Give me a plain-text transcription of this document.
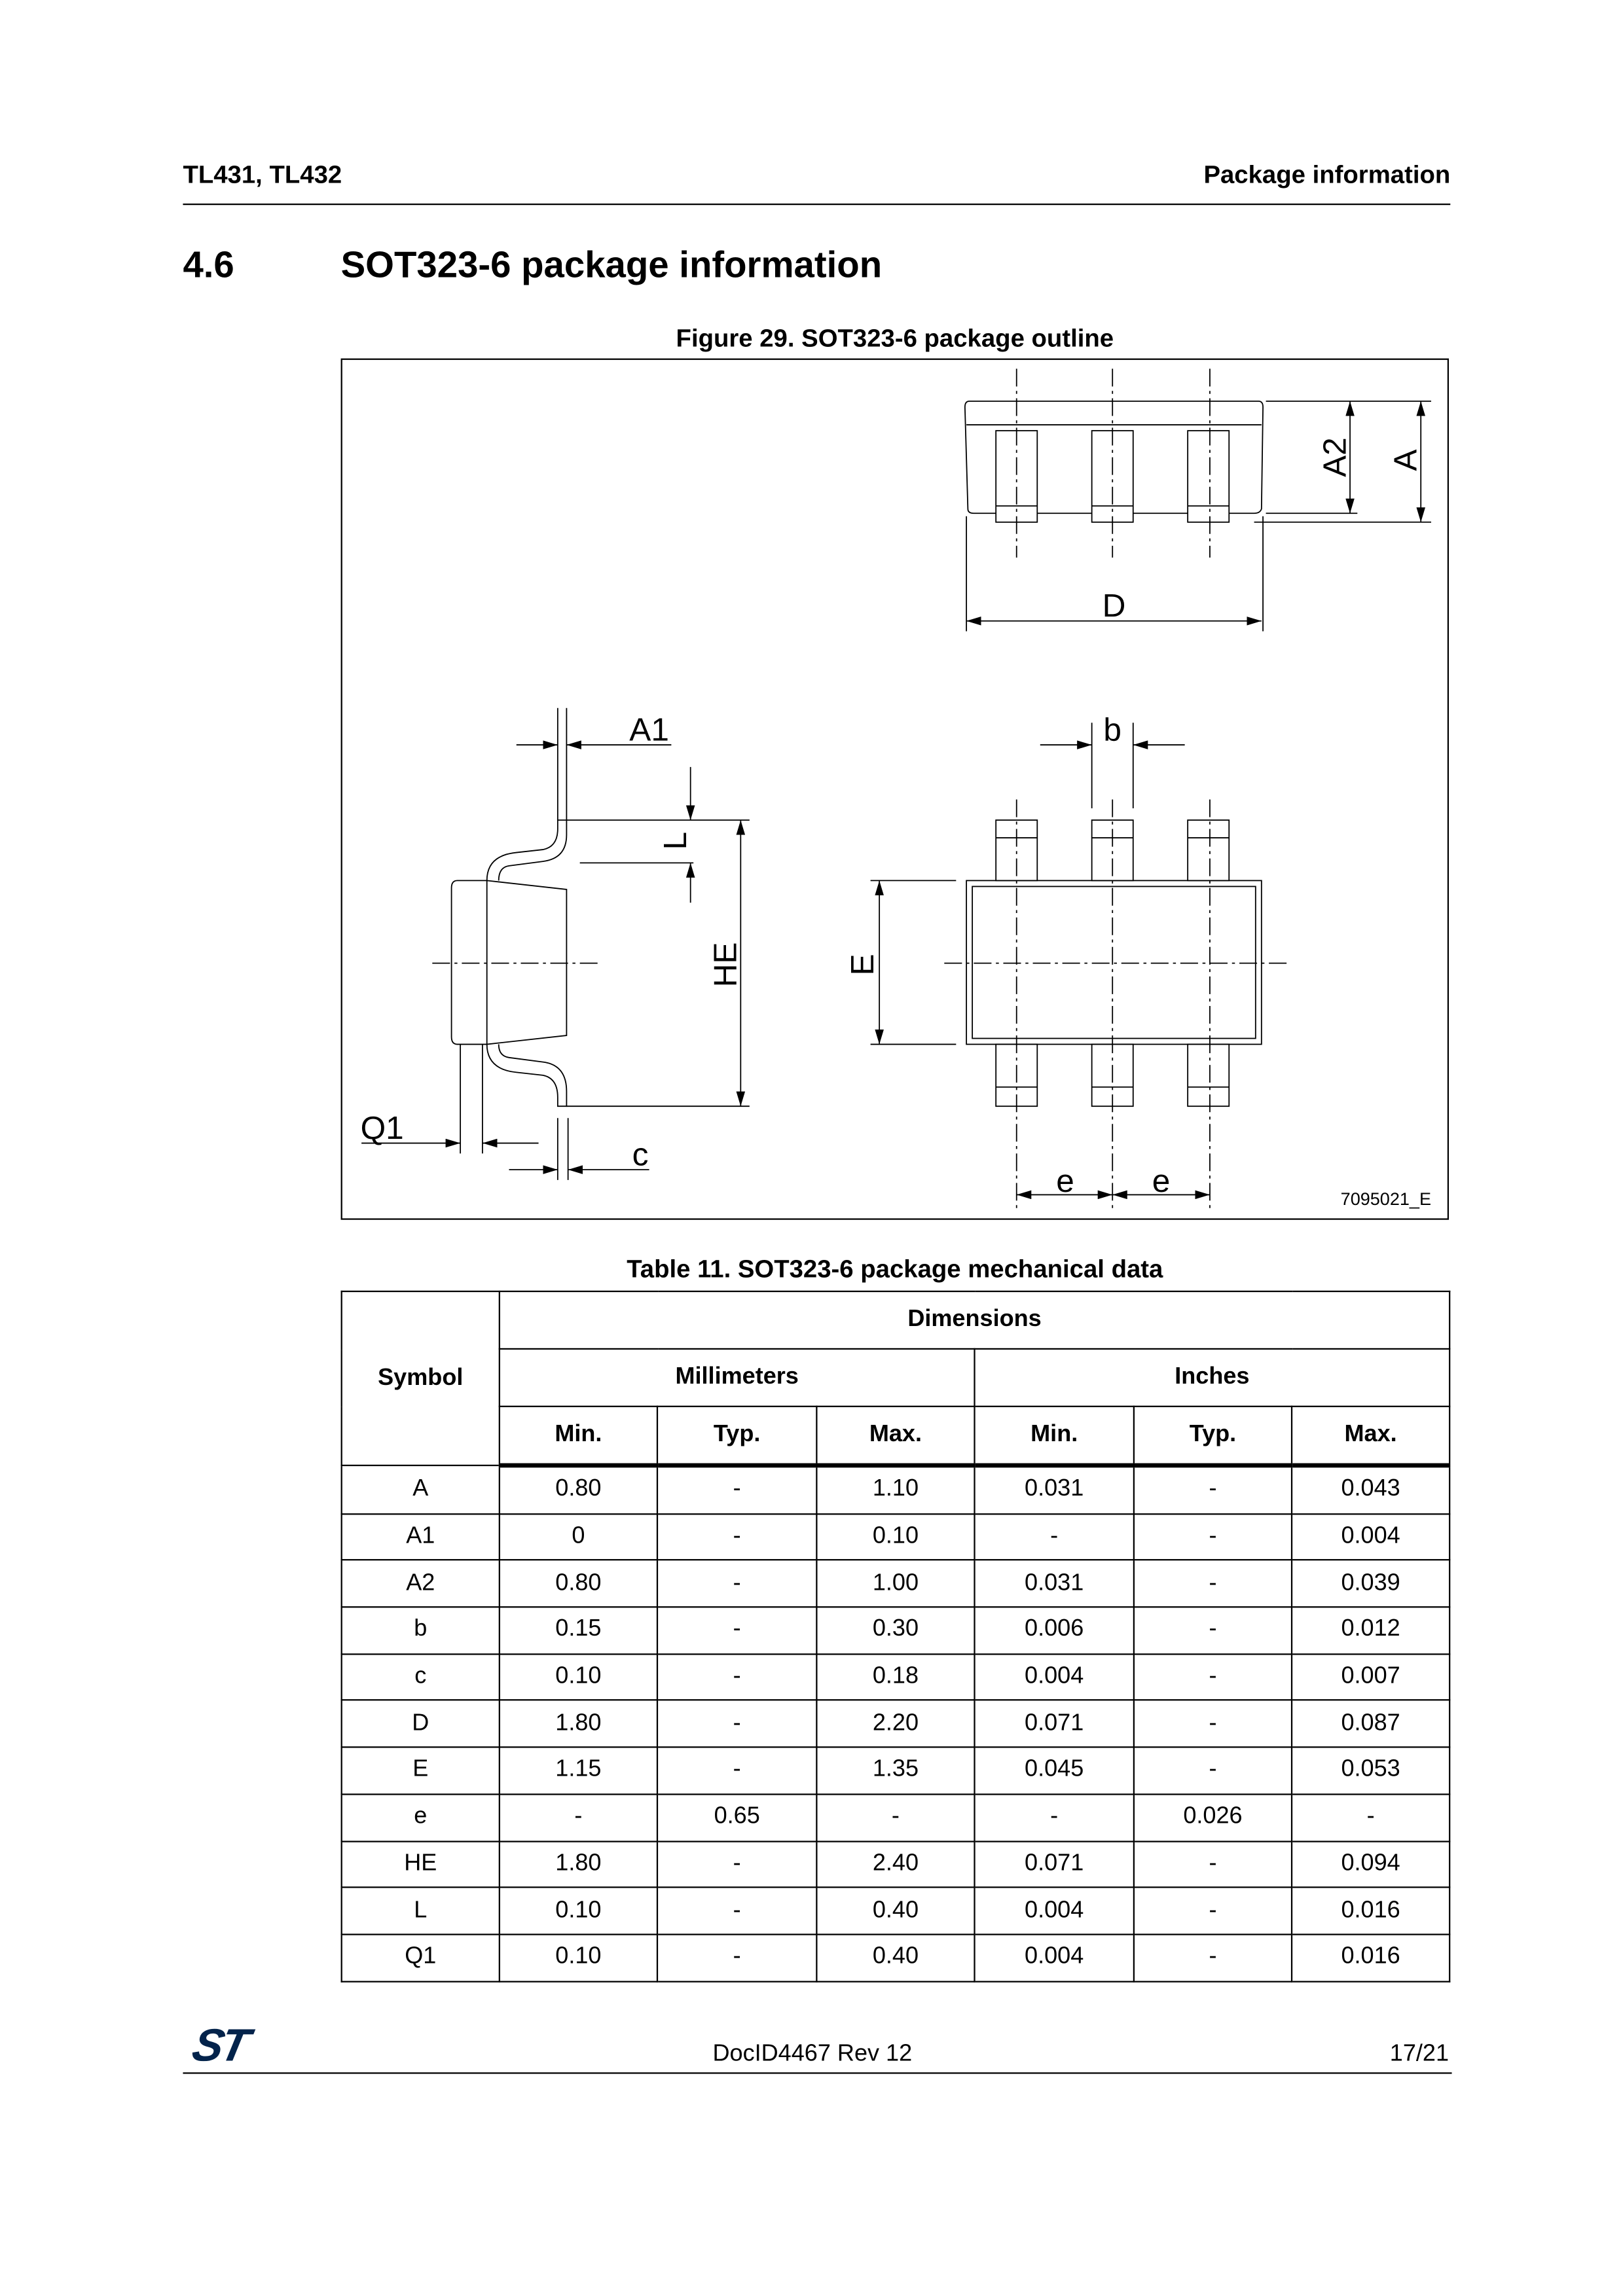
TL431, TL432	Package information
4.6	SOT323-6 package information
Figure 29. SOT323-6 package outline
D
A2 A
A1
L
HE	E
b
Q1
c
e	e
7095021_E
Table 11. SOT323-6 package mechanical data
Symbol	Dimensions					
	Millimeters			Inches		
	Min.	Typ.	Max.	Min.	Typ.	Max.
A	0.80	-	1.10	0.031	-	0.043
A1	0	-	0.10	-	-	0.004
A2	0.80	-	1.00	0.031	-	0.039
b	0.15	-	0.30	0.006	-	0.012
c	0.10	-	0.18	0.004	-	0.007
D	1.80	-	2.20	0.071	-	0.087
E	1.15	-	1.35	0.045	-	0.053
e	-	0.65	-	-	0.026	-
HE	1.80	-	2.40	0.071	-	0.094
L	0.10	-	0.40	0.004	-	0.016
Q1	0.10	-	0.40	0.004	-	0.016
ST	DocID4467 Rev 12	17/21
